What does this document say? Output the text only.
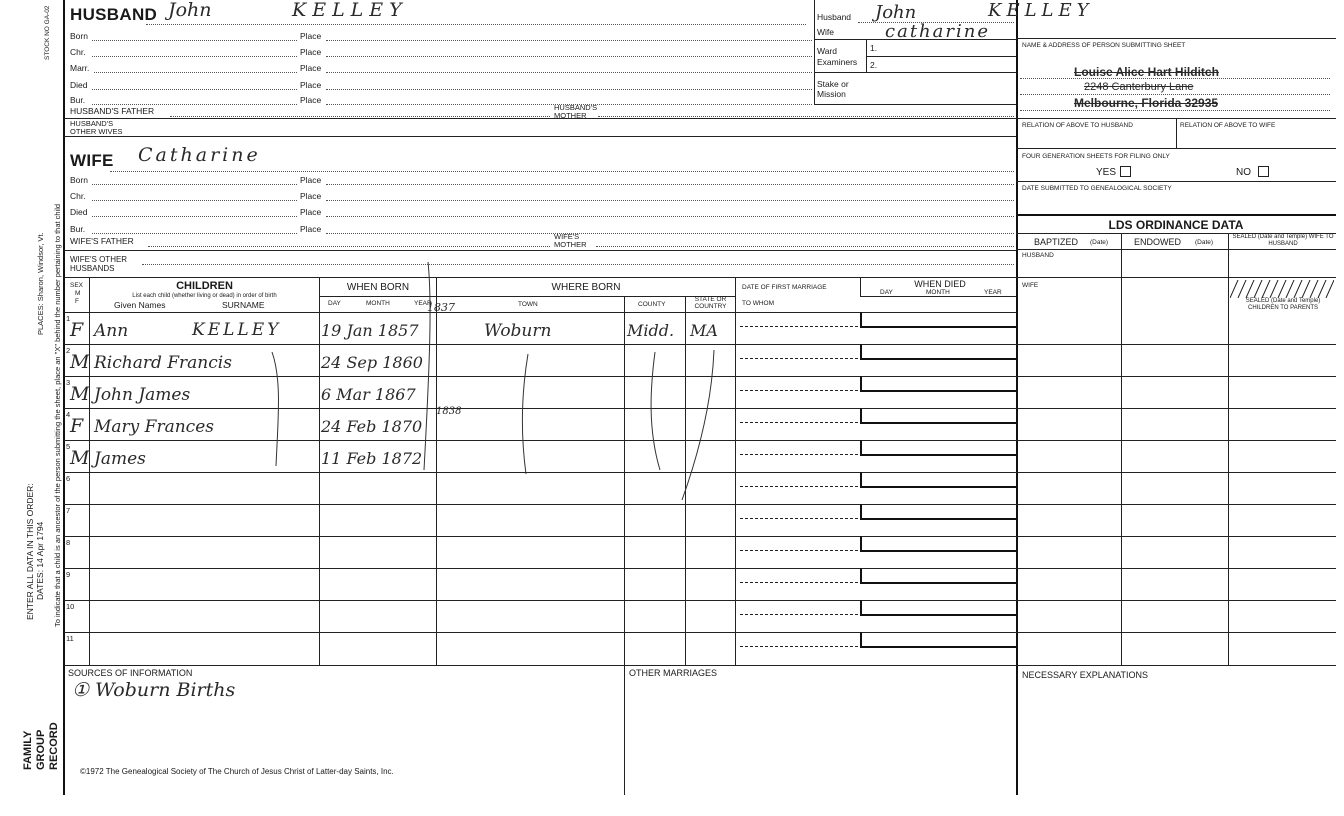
STOCK NO GA-02
PLACES: Sharon, Windsor, Vt. To indicate that a child is an ancestor of the person submitting the sheet, place an "X" behind the number pertaining to that child
ENTER ALL DATA IN THIS ORDER: DATES: 14 Apr 1794
FAMILY GROUP RECORD
HUSBAND John	KELLEY
Born	Place
Chr.	Place
Marr.	Place
Died	Place
Bur.	Place
HUSBAND'S FATHER	HUSBAND'S MOTHER
HUSBAND'S OTHER WIVES
WIFE Catharine
Born	Place
Chr.	Place
Died	Place
Bur.	Place
WIFE'S FATHER	WIFE'S MOTHER
WIFE'S OTHER HUSBANDS
Husband John	KELLEY
Wife	catharine
Ward
Examiners
1.
2.
Stake or Mission
NAME & ADDRESS OF PERSON SUBMITTING SHEET
Louise Alice Hart Hilditch
2248 Canterbury Lane
Melbourne, Florida 32935
RELATION OF ABOVE TO HUSBAND	RELATION OF ABOVE TO WIFE
FOUR GENERATION SHEETS FOR FILING ONLY
YES	NO
DATE SUBMITTED TO GENEALOGICAL SOCIETY
LDS ORDINANCE DATA
BAPTIZED (Date)	ENDOWED (Date)
SEALED (Date and Temple) WIFE TO HUSBAND
HUSBAND
WIFE
SEALED (Date and Temple) CHILDREN TO PARENTS
SEX
M
F
CHILDREN
List each child (whether living or dead) in order of birth
Given Names	SURNAME
WHEN BORN
DAY	MONTH	YEAR
1837
WHERE BORN
TOWN	COUNTY
STATE OR COUNTRY
DATE OF FIRST MARRIAGE
TO WHOM
WHEN DIED
DAY	MONTH	YEAR
1
F Ann	KELLEY 19 Jan 1857	Woburn	Midd. MA
2
M Richard Francis	24 Sep 1860
3
M John James	6 Mar 1867
4
F Mary Frances	24 Feb 1870
1838
5
M James	11 Feb 1872
6
7
8
9
10
11
SOURCES OF INFORMATION
① Woburn Births
OTHER MARRIAGES	NECESSARY EXPLANATIONS
©1972 The Genealogical Society of The Church of Jesus Christ of Latter-day Saints, Inc.
